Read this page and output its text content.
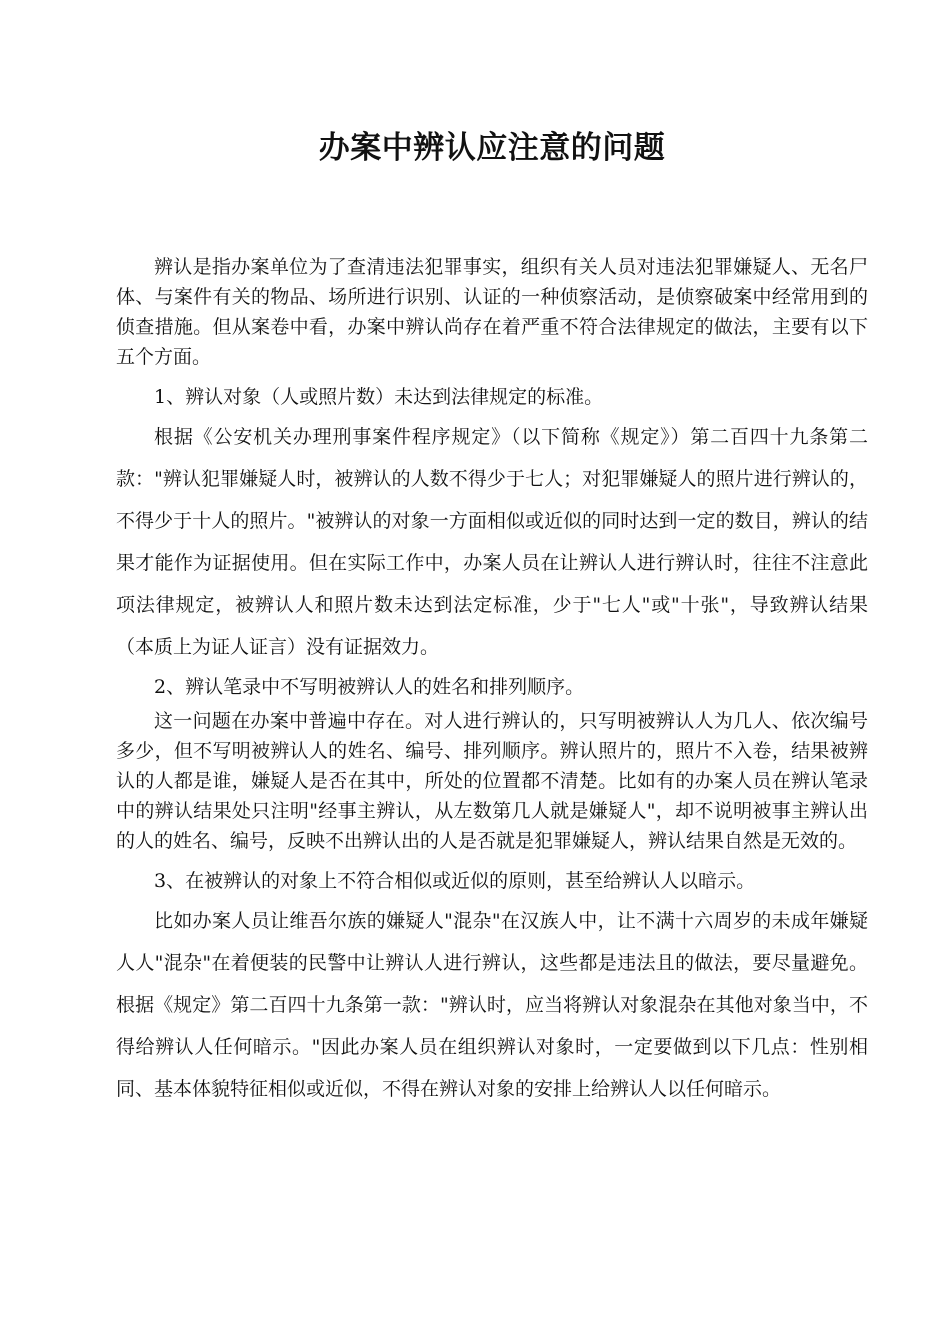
办案中辨认应注意的问题

辨认是指办案单位为了查清违法犯罪事实，组织有关人员对违法犯罪嫌疑人、无名尸体、与案件有关的物品、场所进行识别、认证的一种侦察活动，是侦察破案中经常用到的侦查措施。但从案卷中看，办案中辨认尚存在着严重不符合法律规定的做法，主要有以下五个方面。

1、辨认对象（人或照片数）未达到法律规定的标准。

根据《公安机关办理刑事案件程序规定》（以下简称《规定》）第二百四十九条第二款："辨认犯罪嫌疑人时，被辨认的人数不得少于七人；对犯罪嫌疑人的照片进行辨认的，不得少于十人的照片。"被辨认的对象一方面相似或近似的同时达到一定的数目，辨认的结果才能作为证据使用。但在实际工作中，办案人员在让辨认人进行辨认时，往往不注意此项法律规定，被辨认人和照片数未达到法定标准，少于"七人"或"十张"，导致辨认结果（本质上为证人证言）没有证据效力。

2、辨认笔录中不写明被辨认人的姓名和排列顺序。

这一问题在办案中普遍中存在。对人进行辨认的，只写明被辨认人为几人、依次编号多少，但不写明被辨认人的姓名、编号、排列顺序。辨认照片的，照片不入卷，结果被辨认的人都是谁，嫌疑人是否在其中，所处的位置都不清楚。比如有的办案人员在辨认笔录中的辨认结果处只注明"经事主辨认，从左数第几人就是嫌疑人"，却不说明被事主辨认出的人的姓名、编号，反映不出辨认出的人是否就是犯罪嫌疑人，辨认结果自然是无效的。

3、在被辨认的对象上不符合相似或近似的原则，甚至给辨认人以暗示。

比如办案人员让维吾尔族的嫌疑人"混杂"在汉族人中，让不满十六周岁的未成年嫌疑人人"混杂"在着便装的民警中让辨认人进行辨认，这些都是违法且的做法，要尽量避免。根据《规定》第二百四十九条第一款："辨认时，应当将辨认对象混杂在其他对象当中，不得给辨认人任何暗示。"因此办案人员在组织辨认对象时，一定要做到以下几点：性别相同、基本体貌特征相似或近似，不得在辨认对象的安排上给辨认人以任何暗示。
